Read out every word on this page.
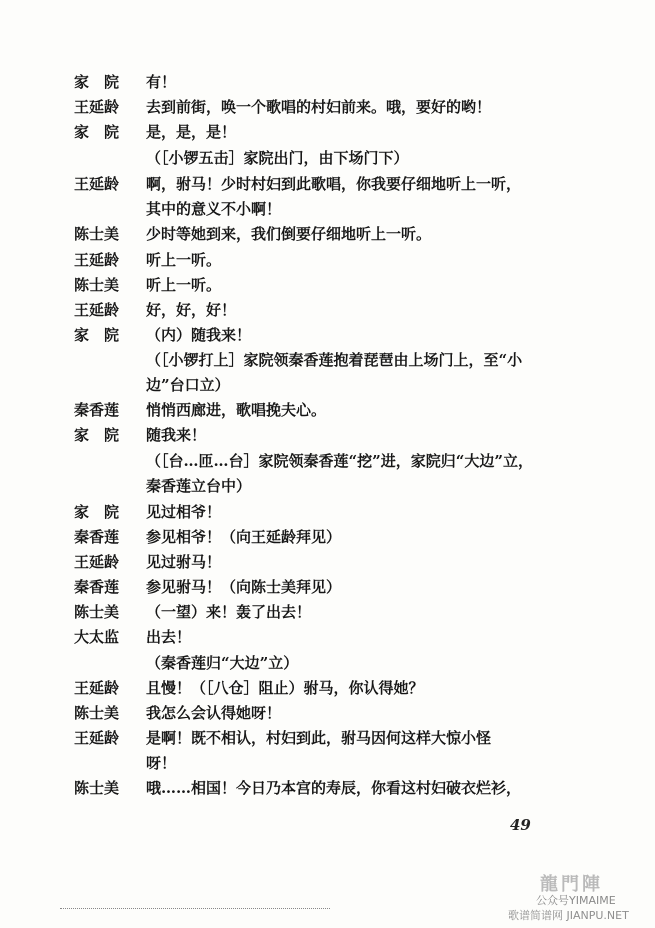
家院 有！
王延龄	去到前街，唤一个歌唱的村妇前来。哦，要好的哟！
家院 是，是，是！
（［小锣五击］家院出门，由下场门下）
王延龄	啊，驸马！少时村妇到此歌唱，你我要仔细地听上一听，
其中的意义不小啊！
陈士美	少时等她到来，我们倒要仔细地听上一听。
王延龄	听上一听。
陈士美	听上一听。
王延龄	好，好，好！
家院 （内）随我来！
（［小锣打上］家院领秦香莲抱着琵琶由上场门上，至“小
边”台口立）
秦香莲	悄悄西廊进，歌唱挽夫心。
家院 随我来！
（［台…匝…台］家院领秦香莲“挖”进，家院归“大边”立，
秦香莲立台中）
家院 见过相爷！
秦香莲	参见相爷！（向王延龄拜见）
王延龄	见过驸马！
秦香莲	参见驸马！（向陈士美拜见）
陈士美	（一望）来！轰了出去！
大太监	出去！
（秦香莲归“大边”立）
王延龄	且慢！（［八仓］阻止）驸马，你认得她？
陈士美	我怎么会认得她呀！
王延龄	是啊！既不相认，村妇到此，驸马因何这样大惊小怪
呀！
陈士美	哦……相国！今日乃本宫的寿辰，你看这村妇破衣烂衫，
49
龍門陣
公众号YIMAIME
歌谱简谱网 JIANPU.NET
